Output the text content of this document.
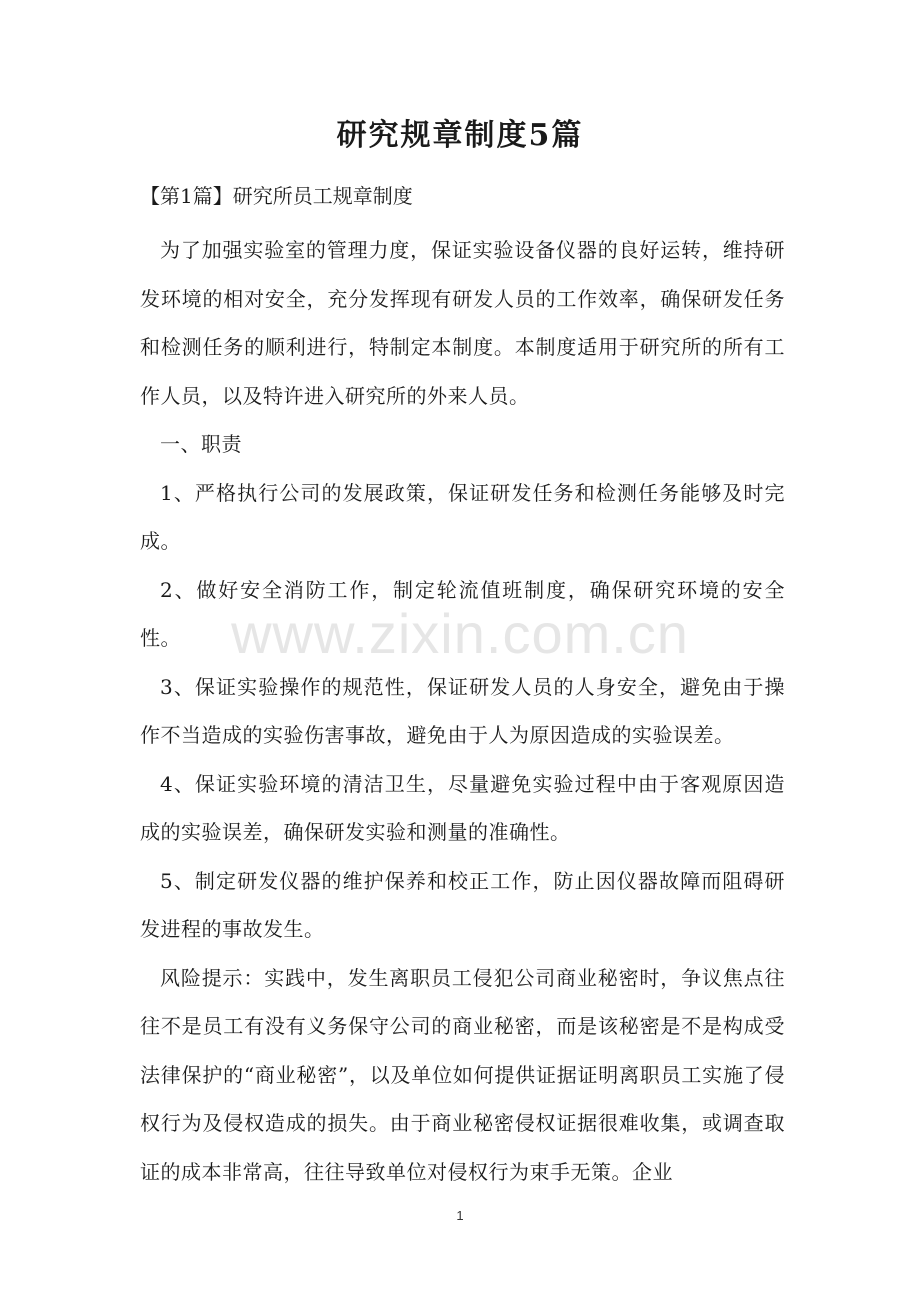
研究规章制度5篇
【第1篇】研究所员工规章制度

为了加强实验室的管理力度，保证实验设备仪器的良好运转，维持研发环境的相对安全，充分发挥现有研发人员的工作效率，确保研发任务和检测任务的顺利进行，特制定本制度。本制度适用于研究所的所有工作人员，以及特许进入研究所的外来人员。

一、职责

1、严格执行公司的发展政策，保证研发任务和检测任务能够及时完成。

2、做好安全消防工作，制定轮流值班制度，确保研究环境的安全性。

3、保证实验操作的规范性，保证研发人员的人身安全，避免由于操作不当造成的实验伤害事故，避免由于人为原因造成的实验误差。

4、保证实验环境的清洁卫生，尽量避免实验过程中由于客观原因造成的实验误差，确保研发实验和测量的准确性。

5、制定研发仪器的维护保养和校正工作，防止因仪器故障而阻碍研发进程的事故发生。

风险提示：实践中，发生离职员工侵犯公司商业秘密时，争议焦点往往不是员工有没有义务保守公司的商业秘密，而是该秘密是不是构成受法律保护的“商业秘密”，以及单位如何提供证据证明离职员工实施了侵权行为及侵权造成的损失。由于商业秘密侵权证据很难收集，或调查取证的成本非常高，往往导致单位对侵权行为束手无策。企业

www.zixin.com.cn
1
